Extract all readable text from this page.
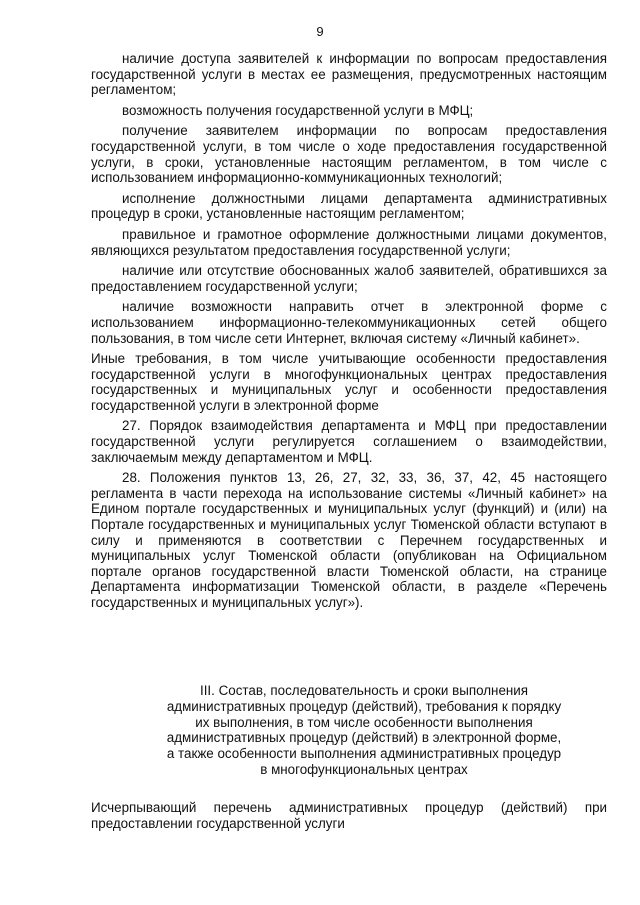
9

наличие доступа заявителей к информации по вопросам предоставления государственной услуги в местах ее размещения, предусмотренных настоящим регламентом;

возможность получения государственной услуги в МФЦ;

получение заявителем информации по вопросам предоставления государственной услуги, в том числе о ходе предоставления государственной услуги, в сроки, установленные настоящим регламентом, в том числе с использованием информационно-коммуникационных технологий;

исполнение должностными лицами департамента административных процедур в сроки, установленные настоящим регламентом;

правильное и грамотное оформление должностными лицами документов, являющихся результатом предоставления государственной услуги;

наличие или отсутствие обоснованных жалоб заявителей, обратившихся за предоставлением государственной услуги;

наличие возможности направить отчет в электронной форме с использованием информационно-телекоммуникационных сетей общего пользования, в том числе сети Интернет, включая систему «Личный кабинет».

Иные требования, в том числе учитывающие особенности предоставления государственной услуги в многофункциональных центрах предоставления государственных и муниципальных услуг и особенности предоставления государственной услуги в электронной форме

27. Порядок взаимодействия департамента и МФЦ при предоставлении государственной услуги регулируется соглашением о взаимодействии, заключаемым между департаментом и МФЦ.

28. Положения пунктов 13, 26, 27, 32, 33, 36, 37, 42, 45 настоящего регламента в части перехода на использование системы «Личный кабинет» на Едином портале государственных и муниципальных услуг (функций) и (или) на Портале государственных и муниципальных услуг Тюменской области вступают в силу и применяются в соответствии с Перечнем государственных и муниципальных услуг Тюменской области (опубликован на Официальном портале органов государственной власти Тюменской области, на странице Департамента информатизации Тюменской области, в разделе «Перечень государственных и муниципальных услуг»).

III. Состав, последовательность и сроки выполнения
административных процедур (действий), требования к порядку
их выполнения, в том числе особенности выполнения
административных процедур (действий) в электронной форме,
а также особенности выполнения административных процедур
в многофункциональных центрах

Исчерпывающий перечень административных процедур (действий) при предоставлении государственной услуги
